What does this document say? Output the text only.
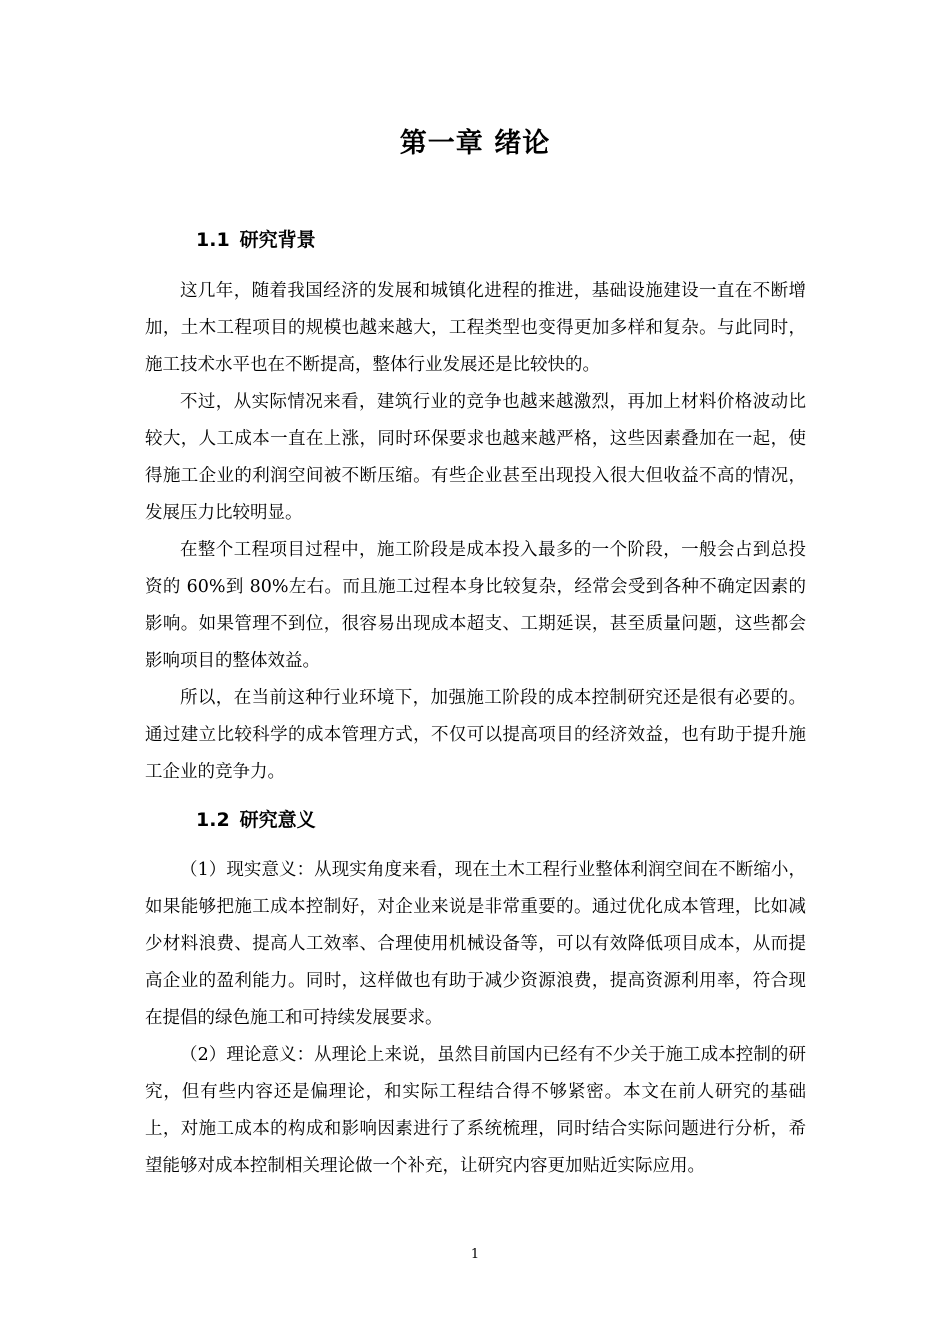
第一章 绪论
1.1 研究背景

这几年，随着我国经济的发展和城镇化进程的推进，基础设施建设一直在不断增加，土木工程项目的规模也越来越大，工程类型也变得更加多样和复杂。与此同时，施工技术水平也在不断提高，整体行业发展还是比较快的。

不过，从实际情况来看，建筑行业的竞争也越来越激烈，再加上材料价格波动比较大，人工成本一直在上涨，同时环保要求也越来越严格，这些因素叠加在一起，使得施工企业的利润空间被不断压缩。有些企业甚至出现投入很大但收益不高的情况，发展压力比较明显。

在整个工程项目过程中，施工阶段是成本投入最多的一个阶段，一般会占到总投资的 60%到 80%左右。而且施工过程本身比较复杂，经常会受到各种不确定因素的影响。如果管理不到位，很容易出现成本超支、工期延误，甚至质量问题，这些都会影响项目的整体效益。

所以，在当前这种行业环境下，加强施工阶段的成本控制研究还是很有必要的。通过建立比较科学的成本管理方式，不仅可以提高项目的经济效益，也有助于提升施工企业的竞争力。

1.2 研究意义

（1）现实意义：从现实角度来看，现在土木工程行业整体利润空间在不断缩小，如果能够把施工成本控制好，对企业来说是非常重要的。通过优化成本管理，比如减少材料浪费、提高人工效率、合理使用机械设备等，可以有效降低项目成本，从而提高企业的盈利能力。同时，这样做也有助于减少资源浪费，提高资源利用率，符合现在提倡的绿色施工和可持续发展要求。

（2）理论意义：从理论上来说，虽然目前国内已经有不少关于施工成本控制的研究，但有些内容还是偏理论，和实际工程结合得不够紧密。本文在前人研究的基础上，对施工成本的构成和影响因素进行了系统梳理，同时结合实际问题进行分析，希望能够对成本控制相关理论做一个补充，让研究内容更加贴近实际应用。

1
